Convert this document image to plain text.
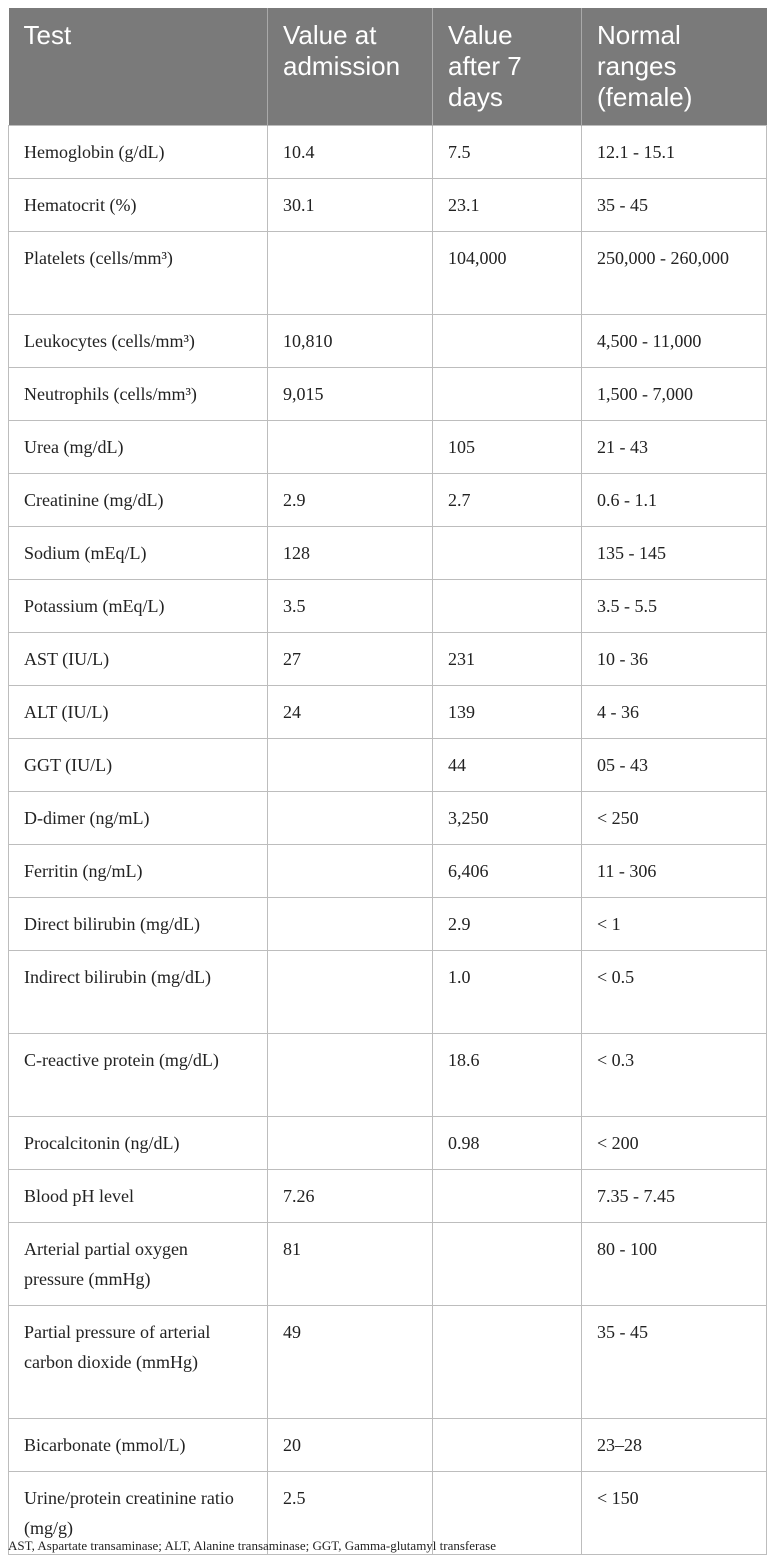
Test	Value at admission	Value after 7 days	Normal ranges (female)
Hemoglobin (g/dL)	10.4	7.5	12.1 - 15.1
Hematocrit (%)	30.1	23.1	35 - 45
Platelets (cells/mm³)		104,000	250,000 - 260,000
Leukocytes (cells/mm³)	10,810		4,500 - 11,000
Neutrophils (cells/mm³)	9,015		1,500 - 7,000
Urea (mg/dL)		105	21 - 43
Creatinine (mg/dL)	2.9	2.7	0.6 - 1.1
Sodium (mEq/L)	128		135 - 145
Potassium (mEq/L)	3.5		3.5 - 5.5
AST (IU/L)	27	231	10 - 36
ALT (IU/L)	24	139	4 - 36
GGT (IU/L)		44	05 - 43
D-dimer (ng/mL)		3,250	< 250
Ferritin (ng/mL)		6,406	11 - 306
Direct bilirubin (mg/dL)		2.9	< 1
Indirect bilirubin (mg/dL)		1.0	< 0.5
C-reactive protein (mg/dL)		18.6	< 0.3
Procalcitonin (ng/dL)		0.98	< 200
Blood pH level	7.26		7.35 - 7.45
Arterial partial oxygen pressure (mmHg)	81		80 - 100
Partial pressure of arterial carbon dioxide (mmHg)	49		35 - 45
Bicarbonate (mmol/L)	20		23–28
Urine/protein creatinine ratio (mg/g)	2.5		< 150
AST, Aspartate transaminase; ALT, Alanine transaminase; GGT, Gamma-glutamyl transferase
